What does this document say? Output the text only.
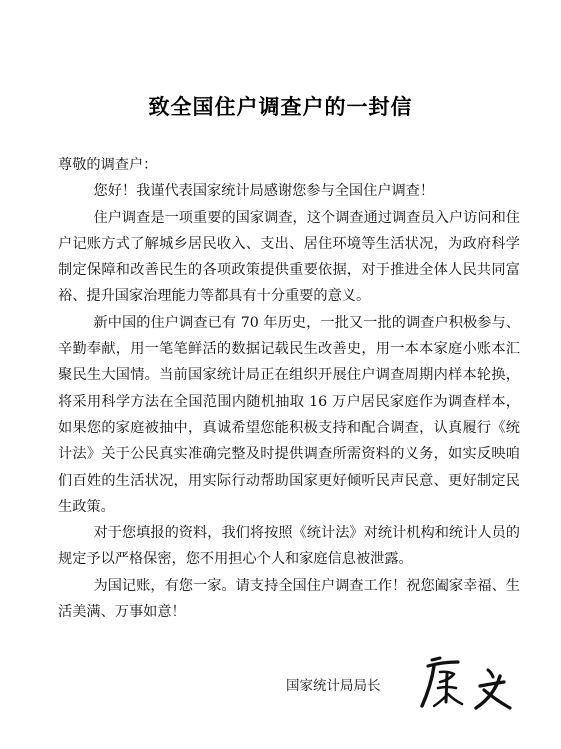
致全国住户调查户的一封信

尊敬的调查户：

您好！我谨代表国家统计局感谢您参与全国住户调查！

住户调查是一项重要的国家调查，这个调查通过调查员入户访问和住户记账方式了解城乡居民收入、支出、居住环境等生活状况，为政府科学制定保障和改善民生的各项政策提供重要依据，对于推进全体人民共同富裕、提升国家治理能力等都具有十分重要的意义。

新中国的住户调查已有 70 年历史，一批又一批的调查户积极参与、辛勤奉献，用一笔笔鲜活的数据记载民生改善史，用一本本家庭小账本汇聚民生大国情。当前国家统计局正在组织开展住户调查周期内样本轮换，将采用科学方法在全国范围内随机抽取 16 万户居民家庭作为调查样本，如果您的家庭被抽中，真诚希望您能积极支持和配合调查，认真履行《统计法》关于公民真实准确完整及时提供调查所需资料的义务，如实反映咱们百姓的生活状况，用实际行动帮助国家更好倾听民声民意、更好制定民生政策。

对于您填报的资料，我们将按照《统计法》对统计机构和统计人员的规定予以严格保密，您不用担心个人和家庭信息被泄露。

为国记账，有您一家。请支持全国住户调查工作！祝您阖家幸福、生活美满、万事如意！

国家统计局局长
